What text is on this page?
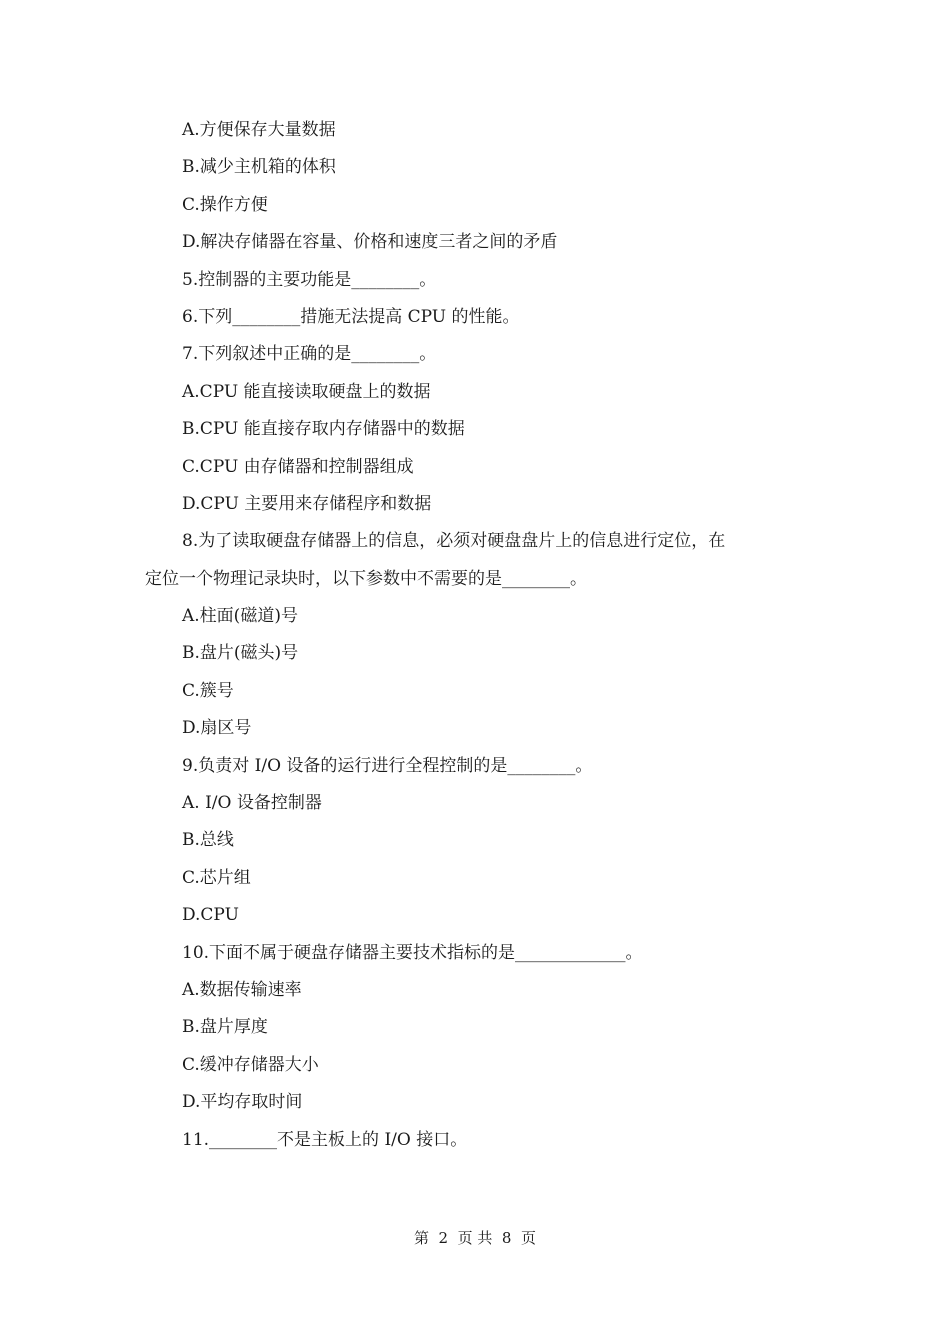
A.方便保存大量数据
B.减少主机箱的体积
C.操作方便
D.解决存储器在容量、价格和速度三者之间的矛盾
5.控制器的主要功能是________。
6.下列________措施无法提高 CPU 的性能。
7.下列叙述中正确的是________。
A.CPU 能直接读取硬盘上的数据
B.CPU 能直接存取内存储器中的数据
C.CPU 由存储器和控制器组成
D.CPU 主要用来存储程序和数据
8.为了读取硬盘存储器上的信息，必须对硬盘盘片上的信息进行定位，在
定位一个物理记录块时，以下参数中不需要的是________。
A.柱面(磁道)号
B.盘片(磁头)号
C.簇号
D.扇区号
9.负责对 I/O 设备的运行进行全程控制的是________。
A. I/O 设备控制器
B.总线
C.芯片组
D.CPU
10.下面不属于硬盘存储器主要技术指标的是_____________。
A.数据传输速率
B.盘片厚度
C.缓冲存储器大小
D.平均存取时间
11.________不是主板上的 I/O 接口。
第  2  页 共  8  页
